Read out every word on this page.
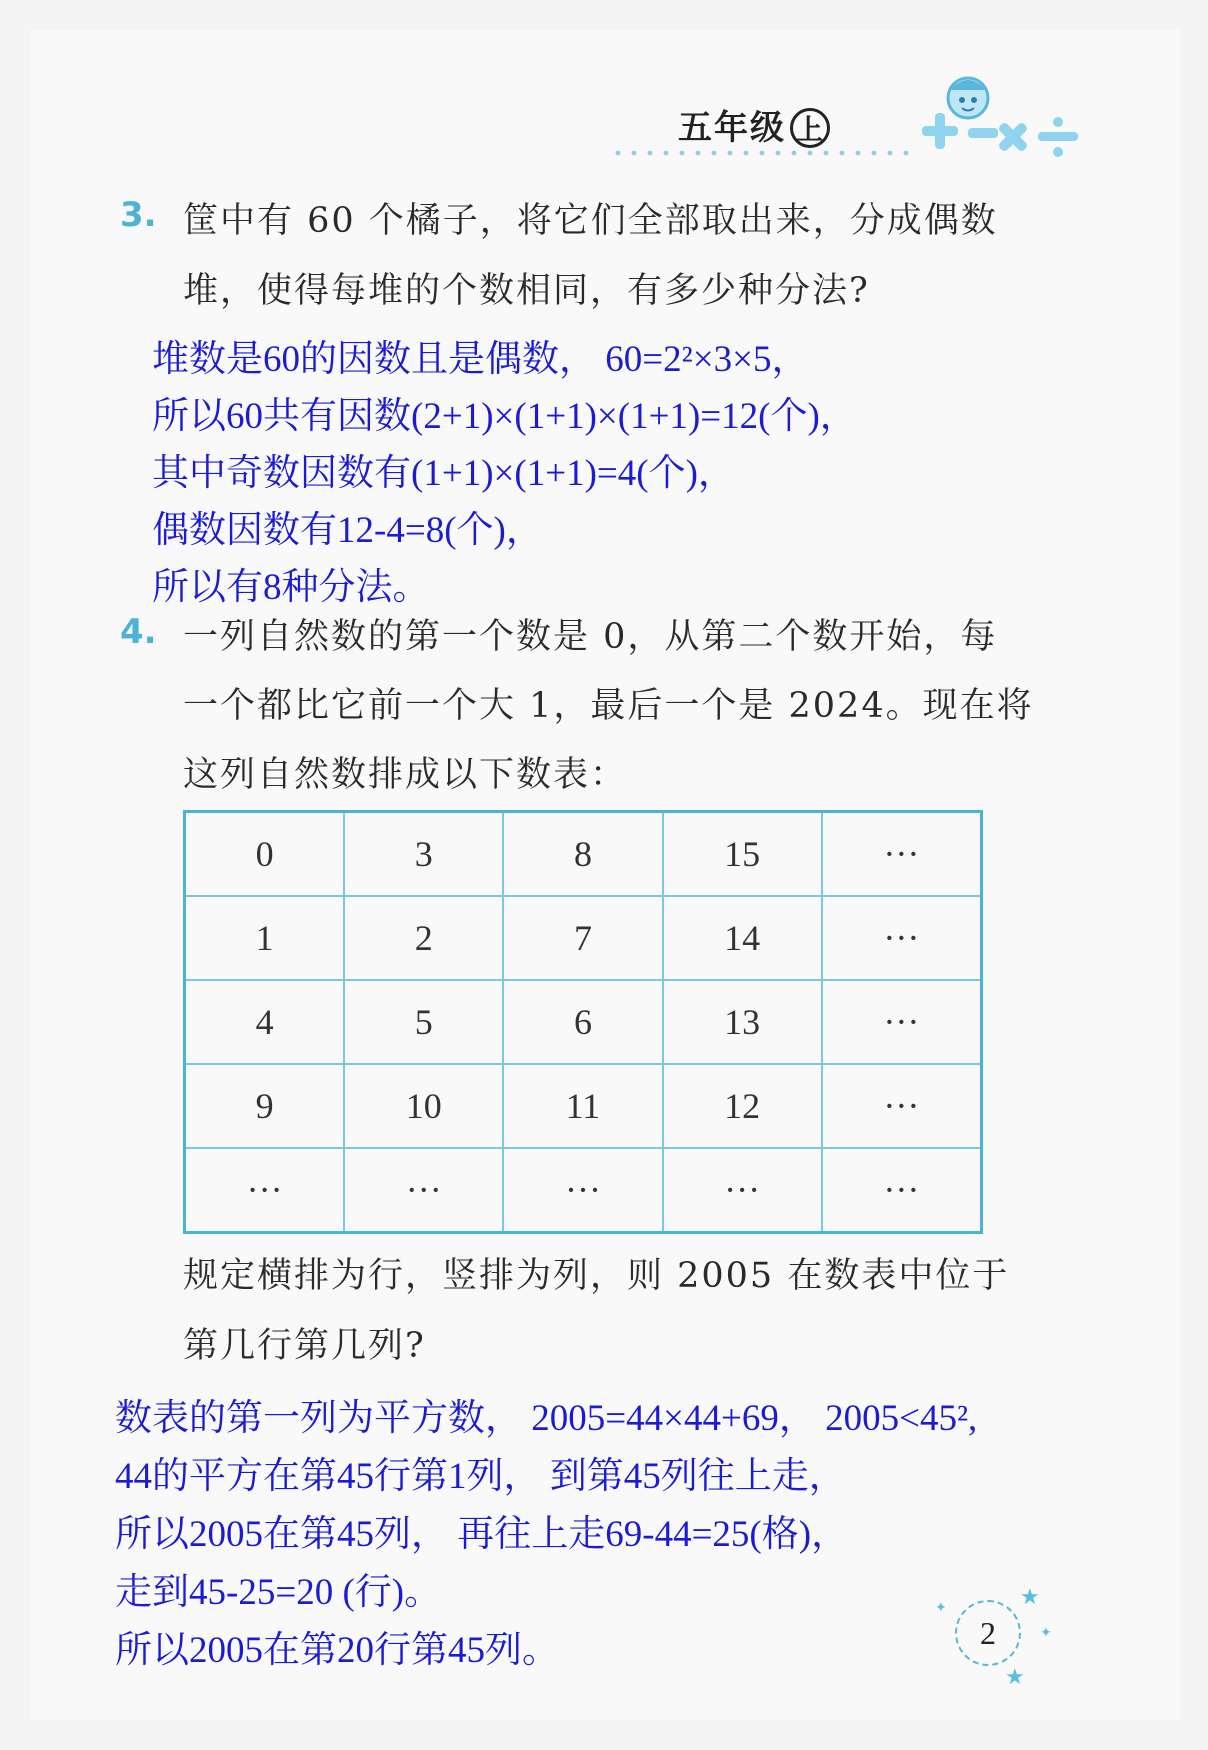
五年级 上
3. 筐中有 60 个橘子，将它们全部取出来，分成偶数
堆，使得每堆的个数相同，有多少种分法?
堆数是60的因数且是偶数， 60=2²×3×5，
所以60共有因数(2+1)×(1+1)×(1+1)=12(个)，
其中奇数因数有(1+1)×(1+1)=4(个)，
偶数因数有12-4=8(个)，
所以有8种分法。
4. 一列自然数的第一个数是 0，从第二个数开始，每
一个都比它前一个大 1，最后一个是 2024。现在将
这列自然数排成以下数表：
0	3	8	15	···
1	2	7	14	···
4	5	6	13	···
9	10	11	12	···
···	···	···	···	···
规定横排为行，竖排为列，则 2005 在数表中位于
第几行第几列?
数表的第一列为平方数， 2005=44×44+69， 2005<45²,
44的平方在第45行第1列， 到第45列往上走，
所以2005在第45列， 再往上走69-44=25(格)，
走到45-25=20 (行)。
所以2005在第20行第45列。
★
✦
✦
★
2
